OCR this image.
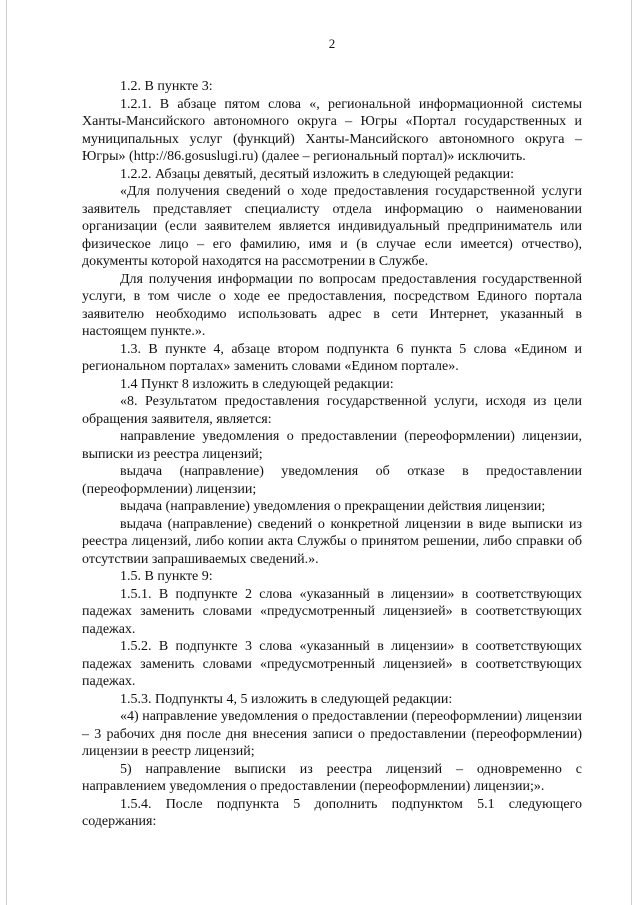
2

1.2. В пункте 3:

1.2.1. В абзаце пятом слова «, региональной информационной системы Ханты-Мансийского автономного округа – Югры «Портал государственных и муниципальных услуг (функций) Ханты-Мансийского автономного округа – Югры» (http://86.gosuslugi.ru) (далее – региональный портал)» исключить.

1.2.2. Абзацы девятый, десятый изложить в следующей редакции:

«Для получения сведений о ходе предоставления государственной услуги заявитель представляет специалисту отдела информацию о наименовании организации (если заявителем является индивидуальный предприниматель или физическое лицо – его фамилию, имя и (в случае если имеется) отчество), документы которой находятся на рассмотрении в Службе.

Для получения информации по вопросам предоставления государственной услуги, в том числе о ходе ее предоставления, посредством Единого портала заявителю необходимо использовать адрес в сети Интернет, указанный в настоящем пункте.».

1.3. В пункте 4, абзаце втором подпункта 6 пункта 5 слова «Едином и региональном порталах» заменить словами «Едином портале».

1.4 Пункт 8 изложить в следующей редакции:

«8. Результатом предоставления государственной услуги, исходя из цели обращения заявителя, является:

направление уведомления о предоставлении (переоформлении) лицензии, выписки из реестра лицензий;

выдача (направление) уведомления об отказе в предоставлении (переоформлении) лицензии;

выдача (направление) уведомления о прекращении действия лицензии;

выдача (направление) сведений о конкретной лицензии в виде выписки из реестра лицензий, либо копии акта Службы о принятом решении, либо справки об отсутствии запрашиваемых сведений.».

1.5. В пункте 9:

1.5.1. В подпункте 2 слова «указанный в лицензии» в соответствующих падежах заменить словами «предусмотренный лицензией» в соответствующих падежах.

1.5.2. В подпункте 3 слова «указанный в лицензии» в соответствующих падежах заменить словами «предусмотренный лицензией» в соответствующих падежах.

1.5.3. Подпункты 4, 5 изложить в следующей редакции:

«4) направление уведомления о предоставлении (переоформлении) лицензии – 3 рабочих дня после дня внесения записи о предоставлении (переоформлении) лицензии в реестр лицензий;

5) направление выписки из реестра лицензий – одновременно с направлением уведомления о предоставлении (переоформлении) лицензии;».

1.5.4. После подпункта 5 дополнить подпунктом 5.1 следующего содержания:
